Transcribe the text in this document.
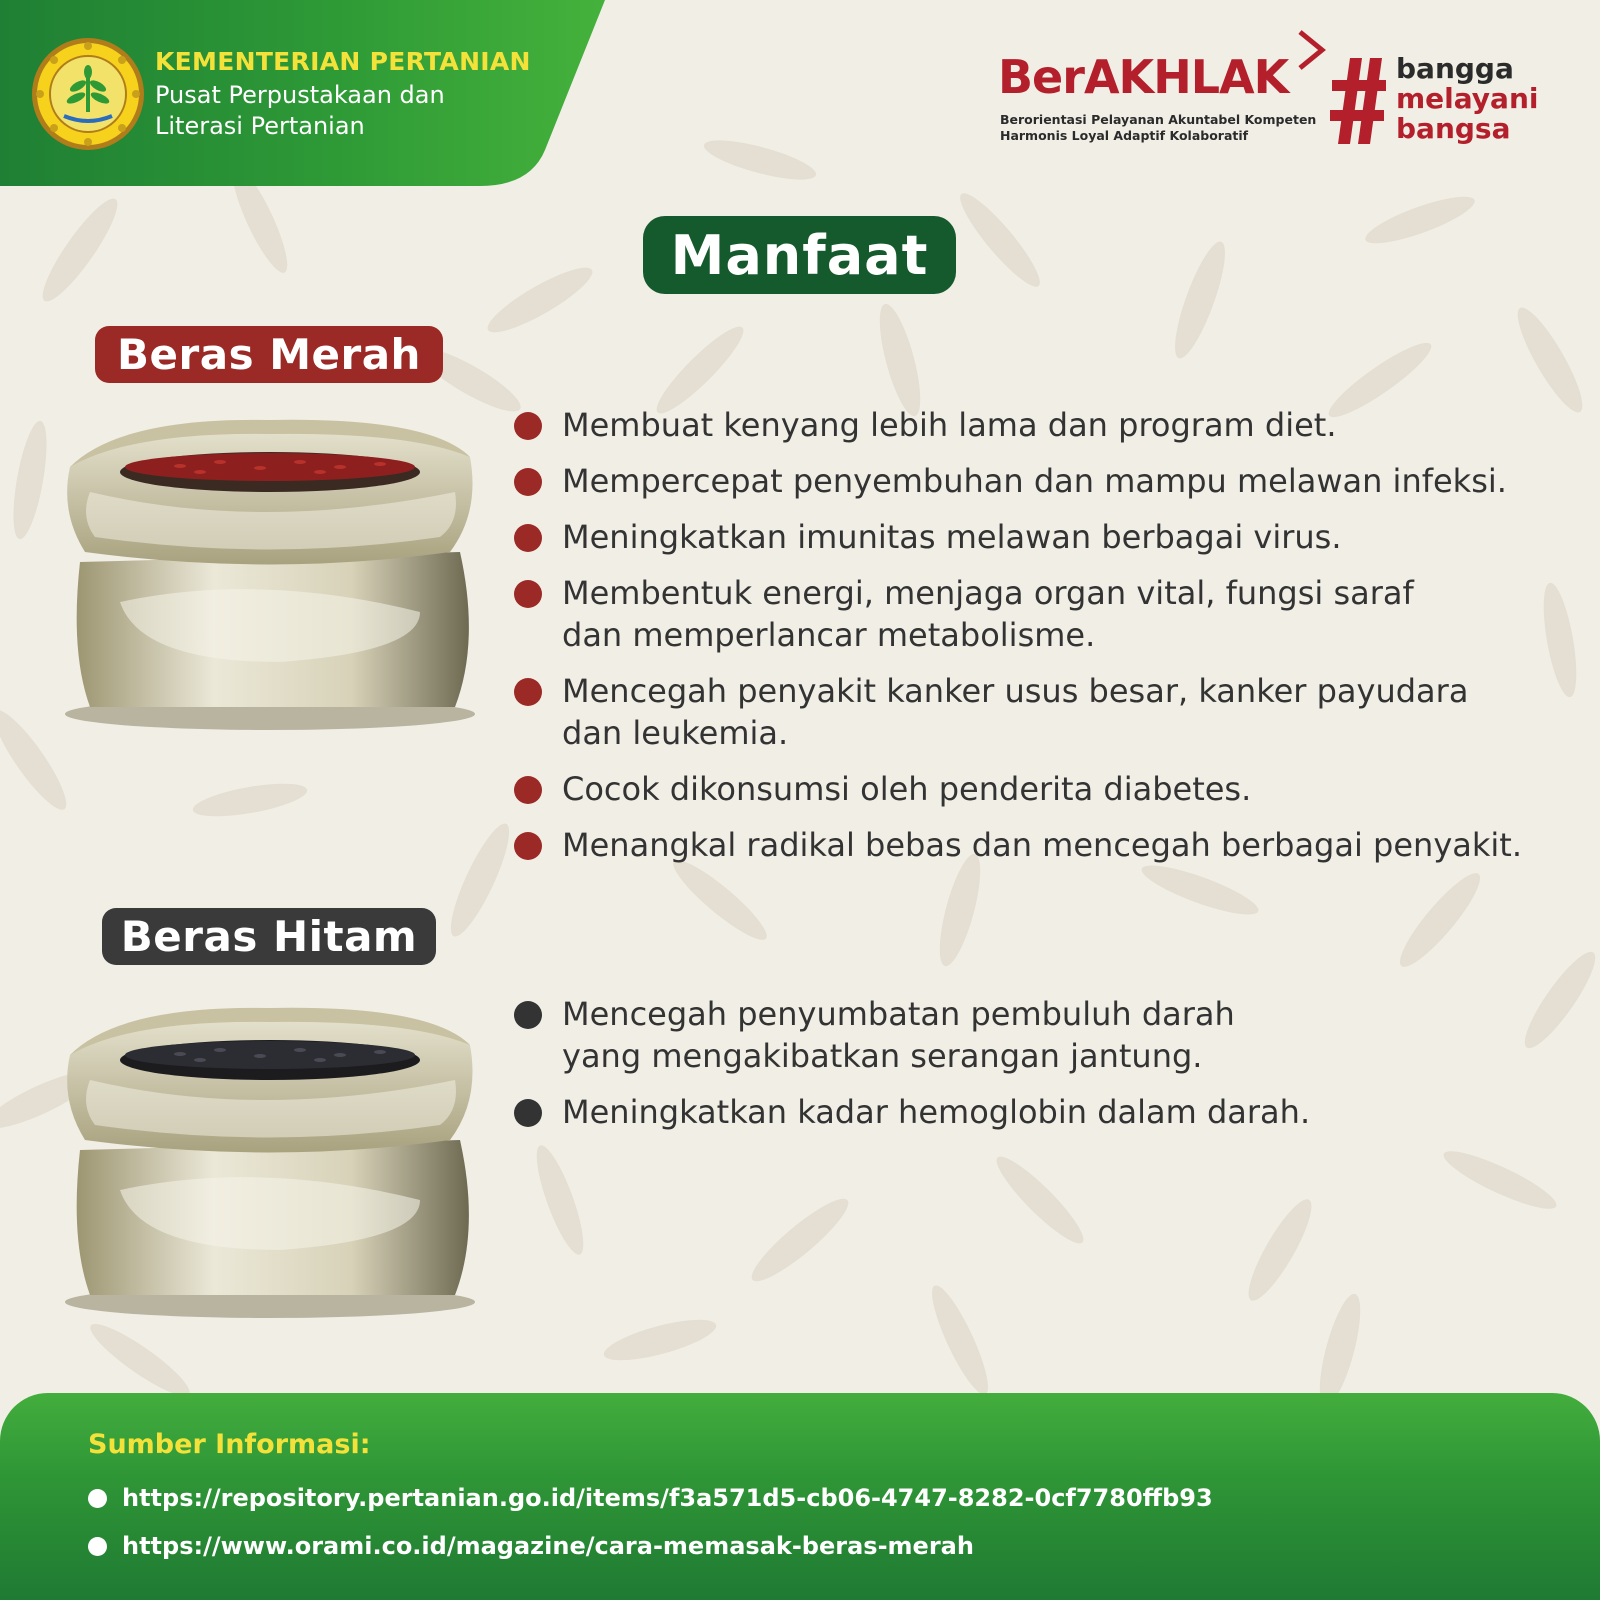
KEMENTERIAN PERTANIAN
Pusat Perpustakaan dan
Literasi Pertanian
BerAKHLAK
Berorientasi Pelayanan Akuntabel Kompeten
Harmonis Loyal Adaptif Kolaboratif
bangga
melayani
bangsa
Manfaat
Beras Merah
Membuat kenyang lebih lama dan program diet.
Mempercepat penyembuhan dan mampu melawan infeksi.
Meningkatkan imunitas melawan berbagai virus.
Membentuk energi, menjaga organ vital, fungsi saraf
dan memperlancar metabolisme.
Mencegah penyakit kanker usus besar, kanker payudara
dan leukemia.
Cocok dikonsumsi oleh penderita diabetes.
Menangkal radikal bebas dan mencegah berbagai penyakit.
Beras Hitam
Mencegah penyumbatan pembuluh darah
yang mengakibatkan serangan jantung.
Meningkatkan kadar hemoglobin dalam darah.
Sumber Informasi:
https://repository.pertanian.go.id/items/f3a571d5-cb06-4747-8282-0cf7780ffb93
https://www.orami.co.id/magazine/cara-memasak-beras-merah
